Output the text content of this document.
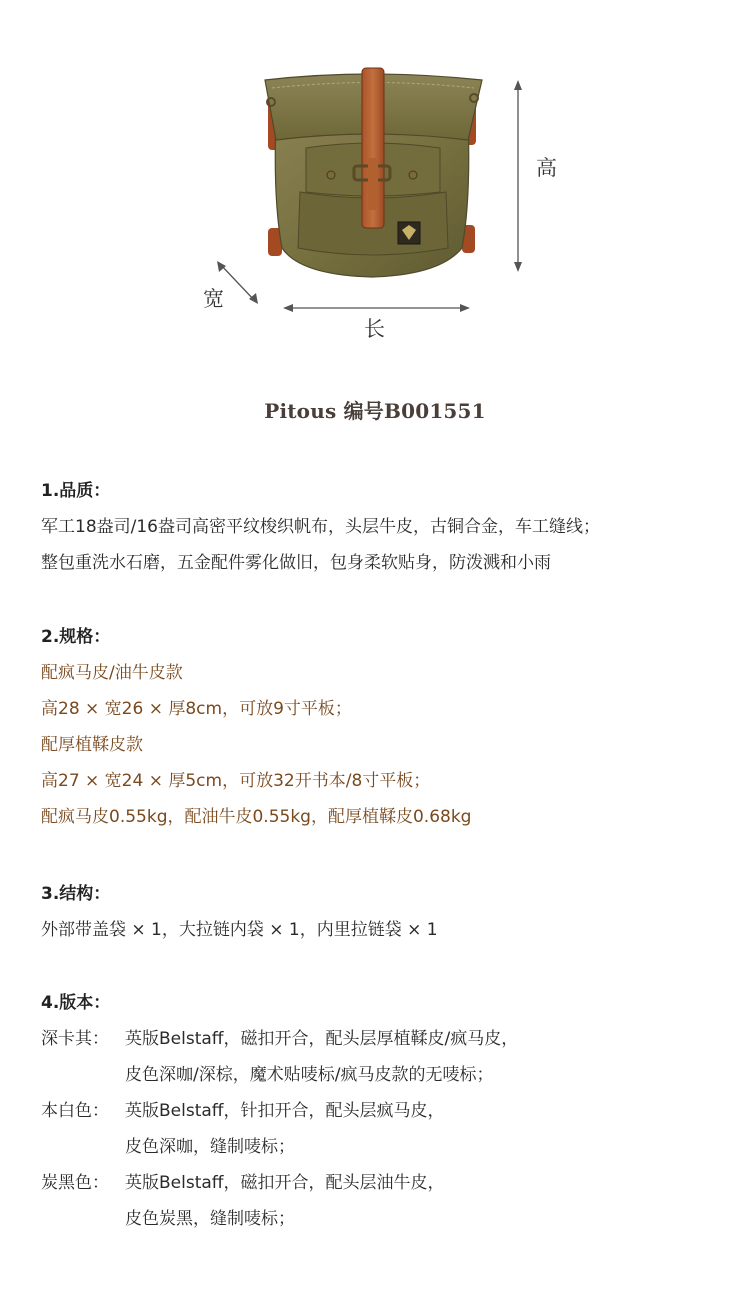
高
宽
长
Pitous 编号B001551
1.品质：
军工18盎司/16盎司高密平纹梭织帆布，头层牛皮，古铜合金，车工缝线；
整包重洗水石磨，五金配件雾化做旧，包身柔软贴身，防泼溅和小雨
2.规格：
配疯马皮/油牛皮款
高28 × 宽26 × 厚8cm，可放9寸平板；
配厚植鞣皮款
高27 × 宽24 × 厚5cm，可放32开书本/8寸平板；
配疯马皮0.55kg，配油牛皮0.55kg，配厚植鞣皮0.68kg
3.结构：
外部带盖袋 × 1，大拉链内袋 × 1，内里拉链袋 × 1
4.版本：
深卡其： 英版Belstaff，磁扣开合，配头层厚植鞣皮/疯马皮，
皮色深咖/深棕，魔术贴唛标/疯马皮款的无唛标；
本白色： 英版Belstaff，针扣开合，配头层疯马皮，
皮色深咖，缝制唛标；
炭黑色： 英版Belstaff，磁扣开合，配头层油牛皮，
皮色炭黑，缝制唛标；
